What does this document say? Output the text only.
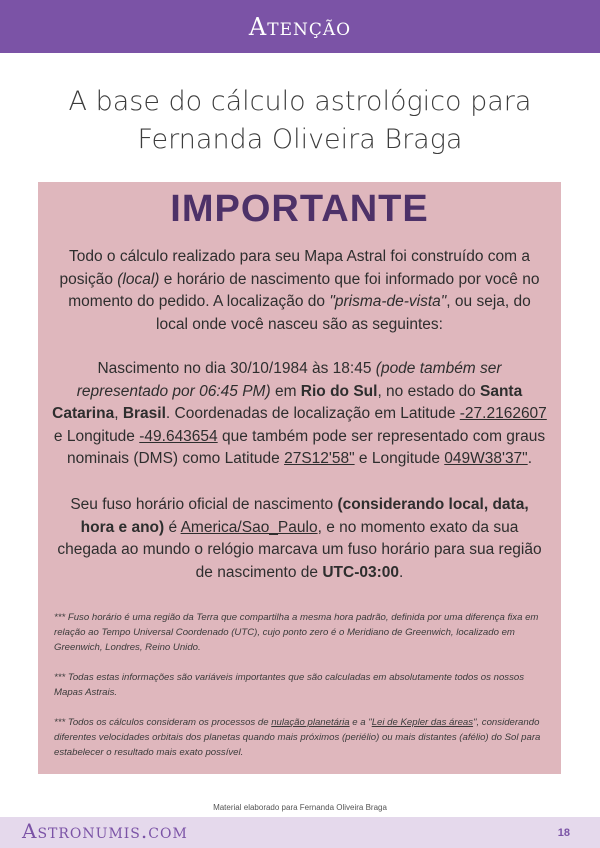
Atenção
A base do cálculo astrológico para
Fernanda Oliveira Braga
IMPORTANTE
Todo o cálculo realizado para seu Mapa Astral foi construído com a posição (local) e horário de nascimento que foi informado por você no momento do pedido. A localização do "prisma-de-vista", ou seja, do local onde você nasceu são as seguintes:
Nascimento no dia 30/10/1984 às 18:45 (pode também ser representado por 06:45 PM) em Rio do Sul, no estado do Santa Catarina, Brasil. Coordenadas de localização em Latitude -27.2162607 e Longitude -49.643654 que também pode ser representado com graus nominais (DMS) como Latitude 27S12'58" e Longitude 049W38'37".
Seu fuso horário oficial de nascimento (considerando local, data, hora e ano) é America/Sao_Paulo, e no momento exato da sua chegada ao mundo o relógio marcava um fuso horário para sua região de nascimento de UTC-03:00.
*** Fuso horário é uma região da Terra que compartilha a mesma hora padrão, definida por uma diferença fixa em relação ao Tempo Universal Coordenado (UTC), cujo ponto zero é o Meridiano de Greenwich, localizado em Greenwich, Londres, Reino Unido.
*** Todas estas informações são variáveis importantes que são calculadas em absolutamente todos os nossos Mapas Astrais.
*** Todos os cálculos consideram os processos de nulação planetária e a "Lei de Kepler das áreas", considerando diferentes velocidades orbitais dos planetas quando mais próximos (periélio) ou mais distantes (afélio) do Sol para estabelecer o resultado mais exato possível.
Material elaborado para Fernanda Oliveira Braga
Astronumis.com	18
